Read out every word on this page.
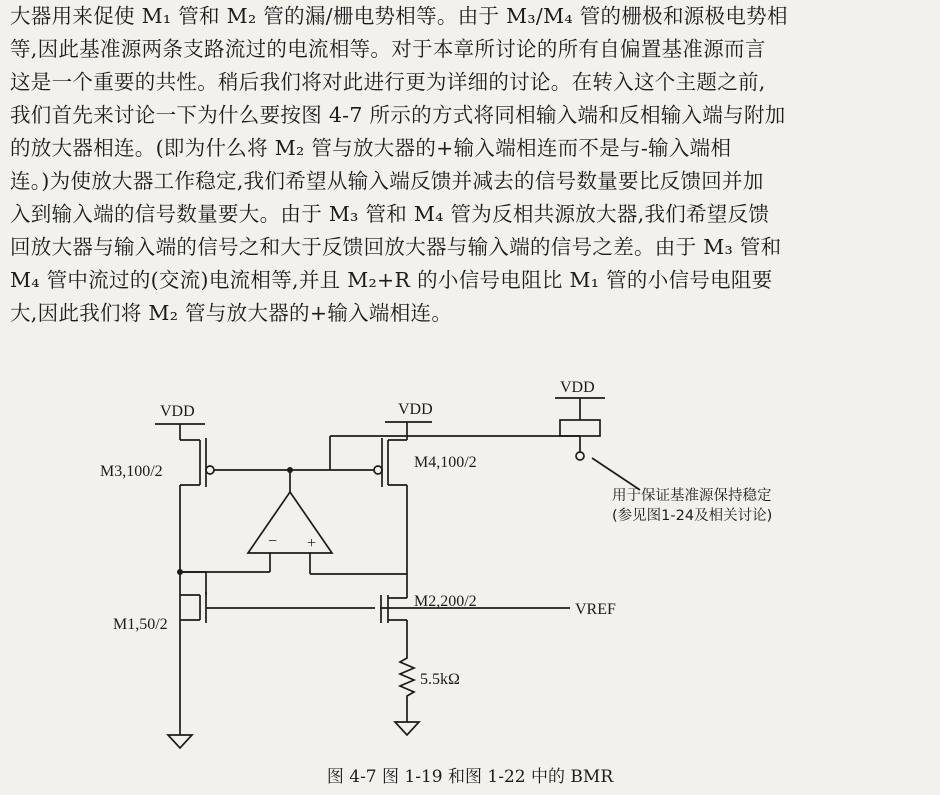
大器用来促使 M₁ 管和 M₂ 管的漏/栅电势相等。由于 M₃/M₄ 管的栅极和源极电势相
等,因此基准源两条支路流过的电流相等。对于本章所讨论的所有自偏置基准源而言
这是一个重要的共性。稍后我们将对此进行更为详细的讨论。在转入这个主题之前,
我们首先来讨论一下为什么要按图 4-7 所示的方式将同相输入端和反相输入端与附加
的放大器相连。(即为什么将 M₂ 管与放大器的+输入端相连而不是与-输入端相
连。)为使放大器工作稳定,我们希望从输入端反馈并减去的信号数量要比反馈回并加
入到输入端的信号数量要大。由于 M₃ 管和 M₄ 管为反相共源放大器,我们希望反馈
回放大器与输入端的信号之和大于反馈回放大器与输入端的信号之差。由于 M₃ 管和
M₄ 管中流过的(交流)电流相等,并且 M₂+R 的小信号电阻比 M₁ 管的小信号电阻要
大,因此我们将 M₂ 管与放大器的+输入端相连。
VDD
M3,100/2
VDD
M4,100/2
− +
M1,50/2
M2,200/2	VREF
5.5kΩ
VDD
用于保证基准源保持稳定
(参见图1-24及相关讨论)
图 4-7 图 1-19 和图 1-22 中的 BMR
